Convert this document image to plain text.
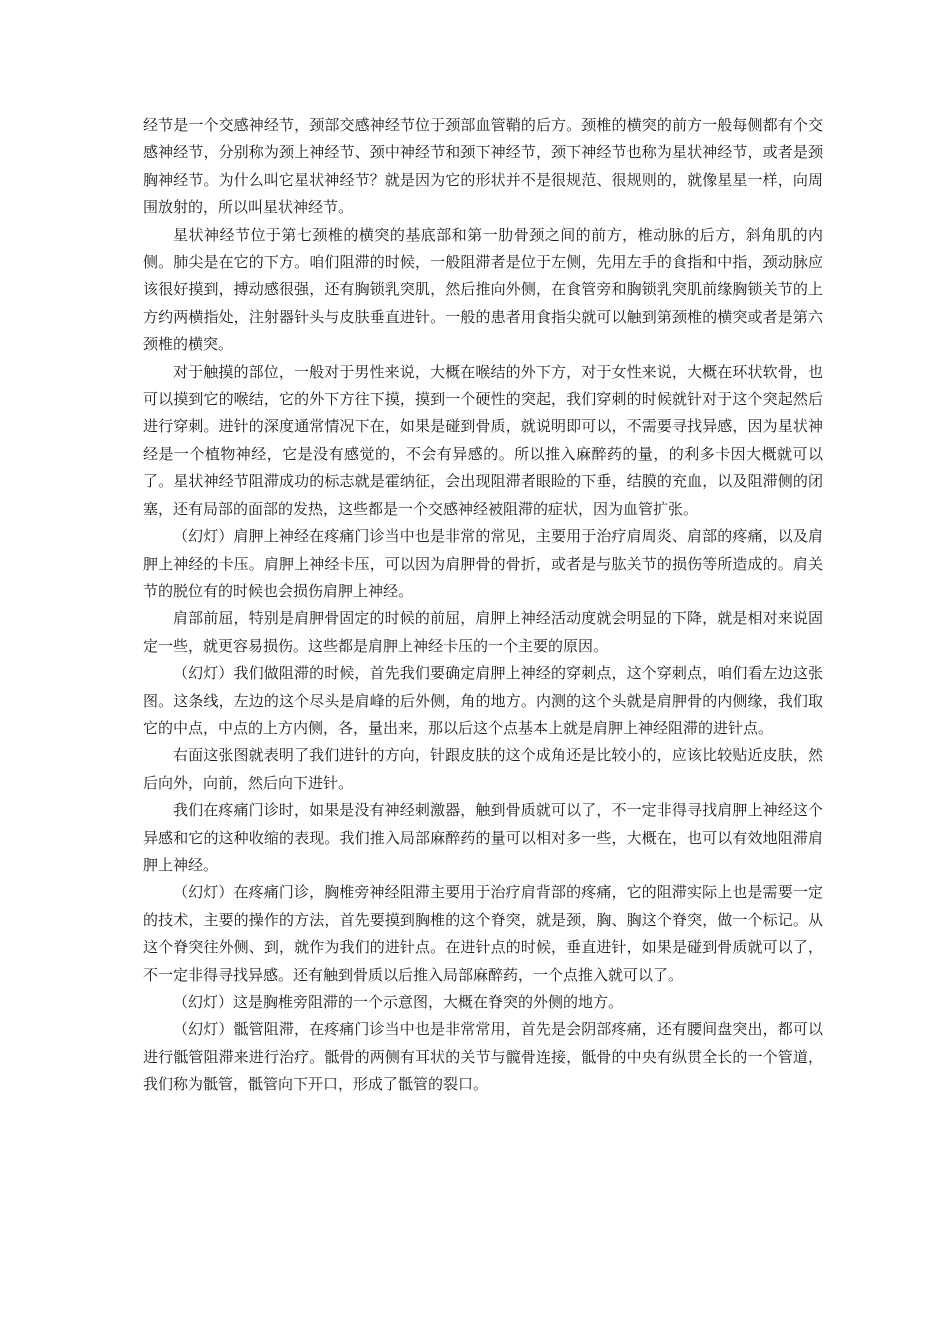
经节是一个交感神经节，颈部交感神经节位于颈部血管鞘的后方。颈椎的横突的前方一般每侧都有个交感神经节，分别称为颈上神经节、颈中神经节和颈下神经节，颈下神经节也称为星状神经节，或者是颈胸神经节。为什么叫它星状神经节？就是因为它的形状并不是很规范、很规则的，就像星星一样，向周围放射的，所以叫星状神经节。

星状神经节位于第七颈椎的横突的基底部和第一肋骨颈之间的前方，椎动脉的后方，斜角肌的内侧。肺尖是在它的下方。咱们阻滞的时候，一般阻滞者是位于左侧，先用左手的食指和中指，颈动脉应该很好摸到，搏动感很强，还有胸锁乳突肌，然后推向外侧，在食管旁和胸锁乳突肌前缘胸锁关节的上方约两横指处，注射器针头与皮肤垂直进针。一般的患者用食指尖就可以触到第颈椎的横突或者是第六颈椎的横突。

对于触摸的部位，一般对于男性来说，大概在喉结的外下方，对于女性来说，大概在环状软骨，也可以摸到它的喉结，它的外下方往下摸，摸到一个硬性的突起，我们穿刺的时候就针对于这个突起然后进行穿刺。进针的深度通常情况下在，如果是碰到骨质，就说明即可以，不需要寻找异感，因为星状神经是一个植物神经，它是没有感觉的，不会有异感的。所以推入麻醉药的量，的利多卡因大概就可以了。星状神经节阻滞成功的标志就是霍纳征，会出现阻滞者眼睑的下垂，结膜的充血，以及阻滞侧的闭塞，还有局部的面部的发热，这些都是一个交感神经被阻滞的症状，因为血管扩张。

（幻灯）肩胛上神经在疼痛门诊当中也是非常的常见，主要用于治疗肩周炎、肩部的疼痛，以及肩胛上神经的卡压。肩胛上神经卡压，可以因为肩胛骨的骨折，或者是与肱关节的损伤等所造成的。肩关节的脱位有的时候也会损伤肩胛上神经。

肩部前屈，特别是肩胛骨固定的时候的前屈，肩胛上神经活动度就会明显的下降，就是相对来说固定一些，就更容易损伤。这些都是肩胛上神经卡压的一个主要的原因。

（幻灯）我们做阻滞的时候，首先我们要确定肩胛上神经的穿刺点，这个穿刺点，咱们看左边这张图。这条线，左边的这个尽头是肩峰的后外侧，角的地方。内测的这个头就是肩胛骨的内侧缘，我们取它的中点，中点的上方内侧，各，量出来，那以后这个点基本上就是肩胛上神经阻滞的进针点。

右面这张图就表明了我们进针的方向，针跟皮肤的这个成角还是比较小的，应该比较贴近皮肤，然后向外，向前，然后向下进针。

我们在疼痛门诊时，如果是没有神经刺激器，触到骨质就可以了，不一定非得寻找肩胛上神经这个异感和它的这种收缩的表现。我们推入局部麻醉药的量可以相对多一些，大概在，也可以有效地阻滞肩胛上神经。

（幻灯）在疼痛门诊，胸椎旁神经阻滞主要用于治疗肩背部的疼痛，它的阻滞实际上也是需要一定的技术，主要的操作的方法，首先要摸到胸椎的这个脊突，就是颈，胸、胸这个脊突，做一个标记。从这个脊突往外侧、到，就作为我们的进针点。在进针点的时候，垂直进针，如果是碰到骨质就可以了，不一定非得寻找异感。还有触到骨质以后推入局部麻醉药，一个点推入就可以了。

（幻灯）这是胸椎旁阻滞的一个示意图，大概在脊突的外侧的地方。

（幻灯）骶管阻滞，在疼痛门诊当中也是非常常用，首先是会阴部疼痛，还有腰间盘突出，都可以进行骶管阻滞来进行治疗。骶骨的两侧有耳状的关节与髋骨连接，骶骨的中央有纵贯全长的一个管道，我们称为骶管，骶管向下开口，形成了骶管的裂口。
